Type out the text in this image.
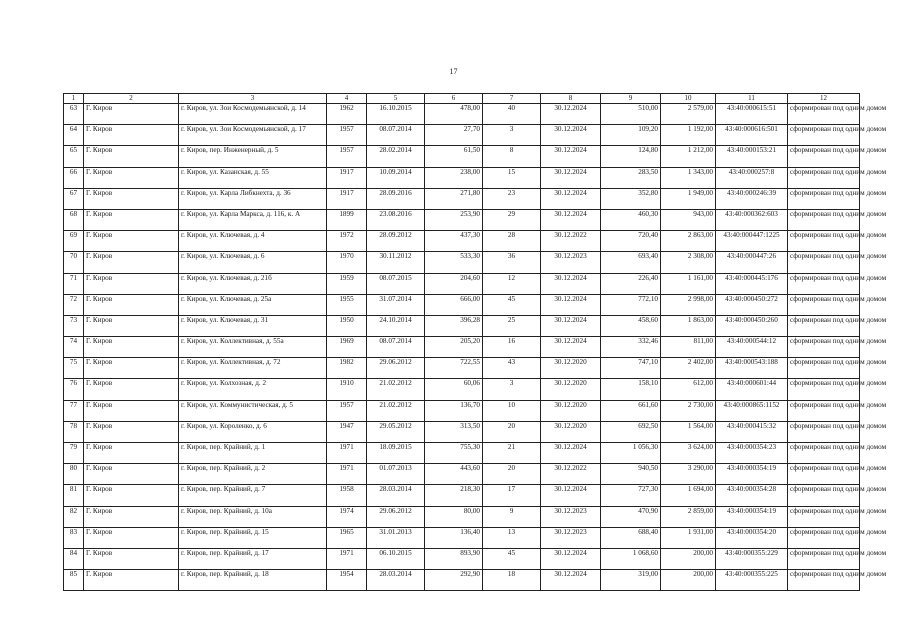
17
1	2	3	4	5	6	7	8	9	10	11	12
63	Г. Киров	г. Киров, ул. Зои Космодемьянской, д. 14	1962	16.10.2015	478,00	40	30.12.2024	510,00	2 579,00	43:40:000615:51	сформирован под одним домом
64	Г. Киров	г. Киров, ул. Зои Космодемьянской, д. 17	1957	08.07.2014	27,70	3	30.12.2024	109,20	1 192,00	43:40:000616:501	сформирован под одним домом
65	Г. Киров	г. Киров, пер. Инженерный, д. 5	1957	28.02.2014	61,50	8	30.12.2024	124,80	1 212,00	43:40:000153:21	сформирован под одним домом
66	Г. Киров	г. Киров, ул. Казанская, д. 55	1917	10.09.2014	238,00	15	30.12.2024	283,50	1 343,00	43:40:000257:8	сформирован под одним домом
67	Г. Киров	г. Киров, ул. Карла Либкнехта, д. 36	1917	28.09.2016	271,80	23	30.12.2024	352,80	1 949,00	43:40:000246:39	сформирован под одним домом
68	Г. Киров	г. Киров, ул. Карла Маркса, д. 116, к. А	1899	23.08.2016	253,90	29	30.12.2024	460,30	943,00	43:40:000362:603	сформирован под одним домом
69	Г. Киров	г. Киров, ул. Ключевая, д. 4	1972	28.09.2012	437,30	28	30.12.2022	720,40	2 863,00	43:40:000447:1225	сформирован под одним домом
70	Г. Киров	г. Киров, ул. Ключевая, д. 6	1970	30.11.2012	533,30	36	30.12.2023	693,40	2 308,00	43:40:000447:26	сформирован под одним домом
71	Г. Киров	г. Киров, ул. Ключевая, д. 21б	1959	08.07.2015	204,60	12	30.12.2024	226,40	1 161,00	43:40:000445:176	сформирован под одним домом
72	Г. Киров	г. Киров, ул. Ключевая, д. 25а	1955	31.07.2014	666,00	45	30.12.2024	772,10	2 998,00	43:40:000450:272	сформирован под одним домом
73	Г. Киров	г. Киров, ул. Ключевая, д. 31	1950	24.10.2014	396,28	25	30.12.2024	458,60	1 863,00	43:40:000450:260	сформирован под одним домом
74	Г. Киров	г. Киров, ул. Коллективная, д. 55а	1969	08.07.2014	205,20	16	30.12.2024	332,46	811,00	43:40:000544:12	сформирован под одним домом
75	Г. Киров	г. Киров, ул. Коллективная, д. 72	1982	29.06.2012	722,55	43	30.12.2020	747,10	2 402,00	43:40:000543:188	сформирован под одним домом
76	Г. Киров	г. Киров, ул. Колхозная, д. 2	1910	21.02.2012	60,06	3	30.12.2020	158,10	612,00	43:40:000601:44	сформирован под одним домом
77	Г. Киров	г. Киров, ул. Коммунистическая, д. 5	1957	21.02.2012	136,70	10	30.12.2020	661,60	2 730,00	43:40:000865:1152	сформирован под одним домом
78	Г. Киров	г. Киров, ул. Короленко, д. 6	1947	29.05.2012	313,50	20	30.12.2020	692,50	1 564,00	43:40:000415:32	сформирован под одним домом
79	Г. Киров	г. Киров, пер. Крайний, д. 1	1971	18.09.2015	755,30	21	30.12.2024	1 056,30	3 624,00	43:40:000354:23	сформирован под одним домом
80	Г. Киров	г. Киров, пер. Крайний, д. 2	1971	01.07.2013	443,60	20	30.12.2022	940,50	3 290,00	43:40:000354:19	сформирован под одним домом
81	Г. Киров	г. Киров, пер. Крайний, д. 7	1958	28.03.2014	218,30	17	30.12.2024	727,30	1 694,00	43:40:000354:28	сформирован под одним домом
82	Г. Киров	г. Киров, пер. Крайний, д. 10а	1974	29.06.2012	80,00	9	30.12.2023	470,90	2 859,00	43:40:000354:19	сформирован под одним домом
83	Г. Киров	г. Киров, пер. Крайний, д. 15	1965	31.01.2013	136,40	13	30.12.2023	688,40	1 931,00	43:40:000354:20	сформирован под одним домом
84	Г. Киров	г. Киров, пер. Крайний, д. 17	1971	06.10.2015	893,90	45	30.12.2024	1 068,60	200,00	43:40:000355:229	сформирован под одним домом
85	Г. Киров	г. Киров, пер. Крайний, д. 18	1954	28.03.2014	292,90	18	30.12.2024	319,00	200,00	43:40:000355:225	сформирован под одним домом
